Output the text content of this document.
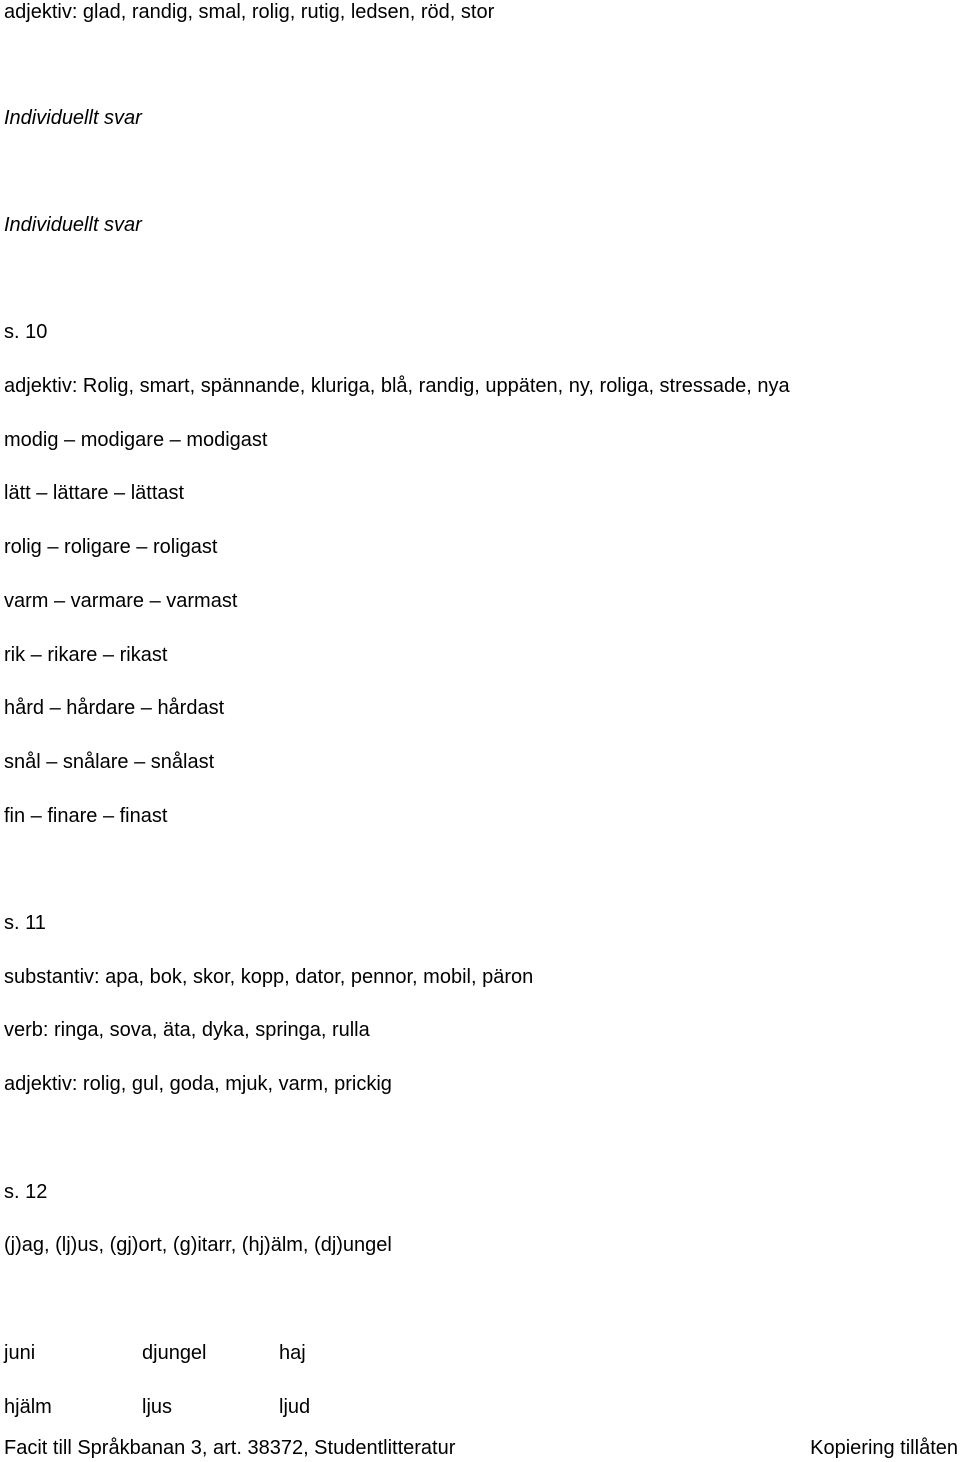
adjektiv: glad, randig, smal, rolig, rutig, ledsen, röd, stor
Individuellt svar
Individuellt svar
s. 10
adjektiv: Rolig, smart, spännande, kluriga, blå, randig, uppäten, ny, roliga, stressade, nya
modig – modigare – modigast
lätt – lättare – lättast
rolig – roligare – roligast
varm – varmare – varmast
rik – rikare – rikast
hård – hårdare – hårdast
snål – snålare – snålast
fin – finare – finast
s. 11
substantiv: apa, bok, skor, kopp, dator, pennor, mobil, päron
verb: ringa, sova, äta, dyka, springa, rulla
adjektiv: rolig, gul, goda, mjuk, varm, prickig
s. 12
(j)ag, (lj)us, (gj)ort, (g)itarr, (hj)älm, (dj)ungel
juni	djungel	haj
hjälm	ljus	ljud
Facit till Språkbanan 3, art. 38372, Studentlitteratur	Kopiering tillåten
